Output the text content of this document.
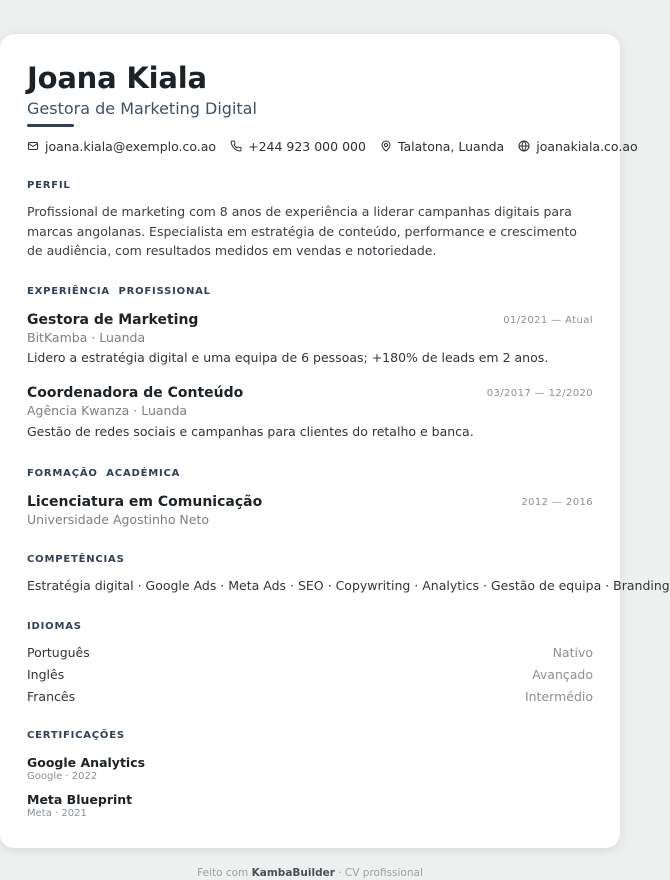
Joana Kiala
Gestora de Marketing Digital
joana.kiala@exemplo.co.ao	+244 923 000 000	Talatona, Luanda	joanakiala.co.ao
PERFIL
Profissional de marketing com 8 anos de experiência a liderar campanhas digitais para marcas angolanas. Especialista em estratégia de conteúdo, performance e crescimento de audiência, com resultados medidos em vendas e notoriedade.
EXPERIÊNCIA  PROFISSIONAL
Gestora de Marketing	01/2021 — Atual
BitKamba · Luanda
Lidero a estratégia digital e uma equipa de 6 pessoas; +180% de leads em 2 anos.
Coordenadora de Conteúdo	03/2017 — 12/2020
Agência Kwanza · Luanda
Gestão de redes sociais e campanhas para clientes do retalho e banca.
FORMAÇÃO  ACADÉMICA
Licenciatura em Comunicação	2012 — 2016
Universidade Agostinho Neto
COMPETÊNCIAS
Estratégia digital · Google Ads · Meta Ads · SEO · Copywriting · Analytics · Gestão de equipa · Branding
IDIOMAS
Português	Nativo
Inglês	Avançado
Francês	Intermédio
CERTIFICAÇÕES
Google Analytics
Google · 2022
Meta Blueprint
Meta · 2021
Feito com KambaBuilder · CV profissional
